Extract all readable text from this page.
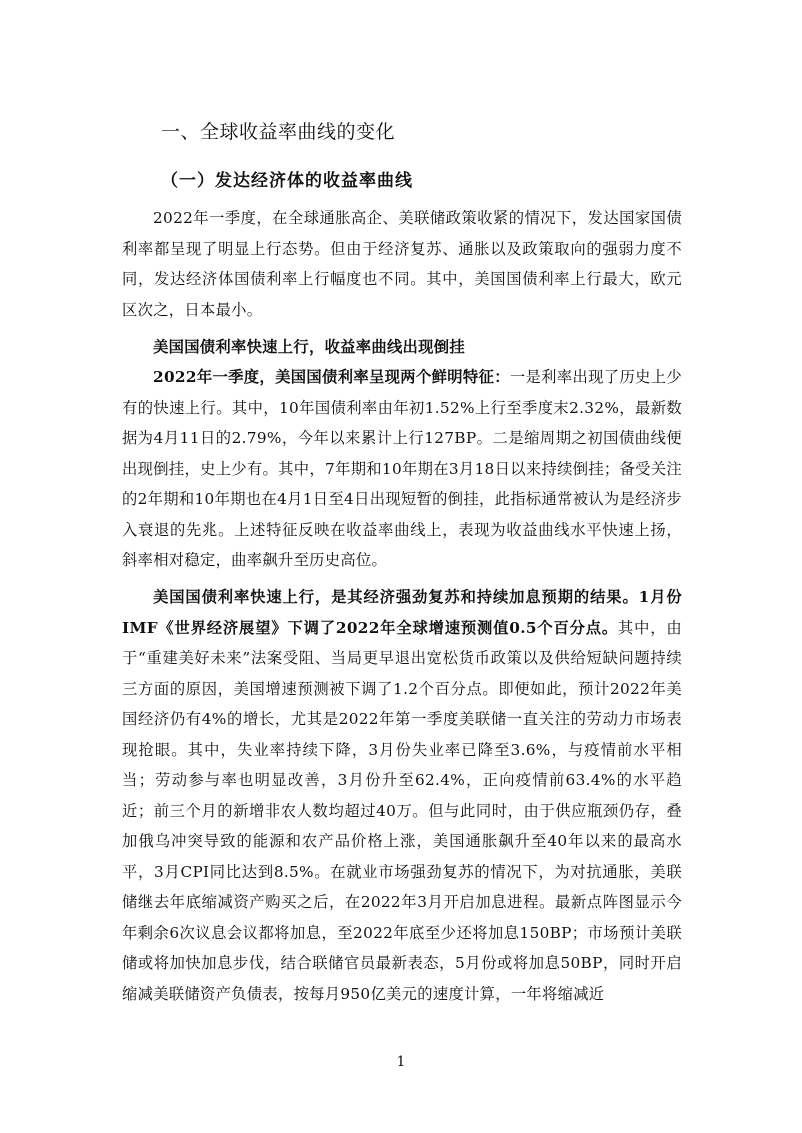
一、全球收益率曲线的变化
（一）发达经济体的收益率曲线

2022年一季度，在全球通胀高企、美联储政策收紧的情况下，发达国家国债利率都呈现了明显上行态势。但由于经济复苏、通胀以及政策取向的强弱力度不同，发达经济体国债利率上行幅度也不同。其中，美国国债利率上行最大，欧元区次之，日本最小。

美国国债利率快速上行，收益率曲线出现倒挂

2022年一季度，美国国债利率呈现两个鲜明特征：一是利率出现了历史上少有的快速上行。其中，10年国债利率由年初1.52%上行至季度末2.32%，最新数据为4月11日的2.79%，今年以来累计上行127BP。二是缩周期之初国债曲线便出现倒挂，史上少有。其中，7年期和10年期在3月18日以来持续倒挂；备受关注的2年期和10年期也在4月1日至4日出现短暂的倒挂，此指标通常被认为是经济步入衰退的先兆。上述特征反映在收益率曲线上，表现为收益曲线水平快速上扬，斜率相对稳定，曲率飙升至历史高位。

美国国债利率快速上行，是其经济强劲复苏和持续加息预期的结果。1月份IMF《世界经济展望》下调了2022年全球增速预测值0.5个百分点。其中，由于“重建美好未来”法案受阻、当局更早退出宽松货币政策以及供给短缺问题持续三方面的原因，美国增速预测被下调了1.2个百分点。即便如此，预计2022年美国经济仍有4%的增长，尤其是2022年第一季度美联储一直关注的劳动力市场表现抢眼。其中，失业率持续下降，3月份失业率已降至3.6%，与疫情前水平相当；劳动参与率也明显改善，3月份升至62.4%，正向疫情前63.4%的水平趋近；前三个月的新增非农人数均超过40万。但与此同时，由于供应瓶颈仍存，叠加俄乌冲突导致的能源和农产品价格上涨，美国通胀飙升至40年以来的最高水平，3月CPI同比达到8.5%。在就业市场强劲复苏的情况下，为对抗通胀，美联储继去年底缩减资产购买之后，在2022年3月开启加息进程。最新点阵图显示今年剩余6次议息会议都将加息，至2022年底至少还将加息150BP；市场预计美联储或将加快加息步伐，结合联储官员最新表态，5月份或将加息50BP，同时开启缩减美联储资产负债表，按每月950亿美元的速度计算，一年将缩减近

1
